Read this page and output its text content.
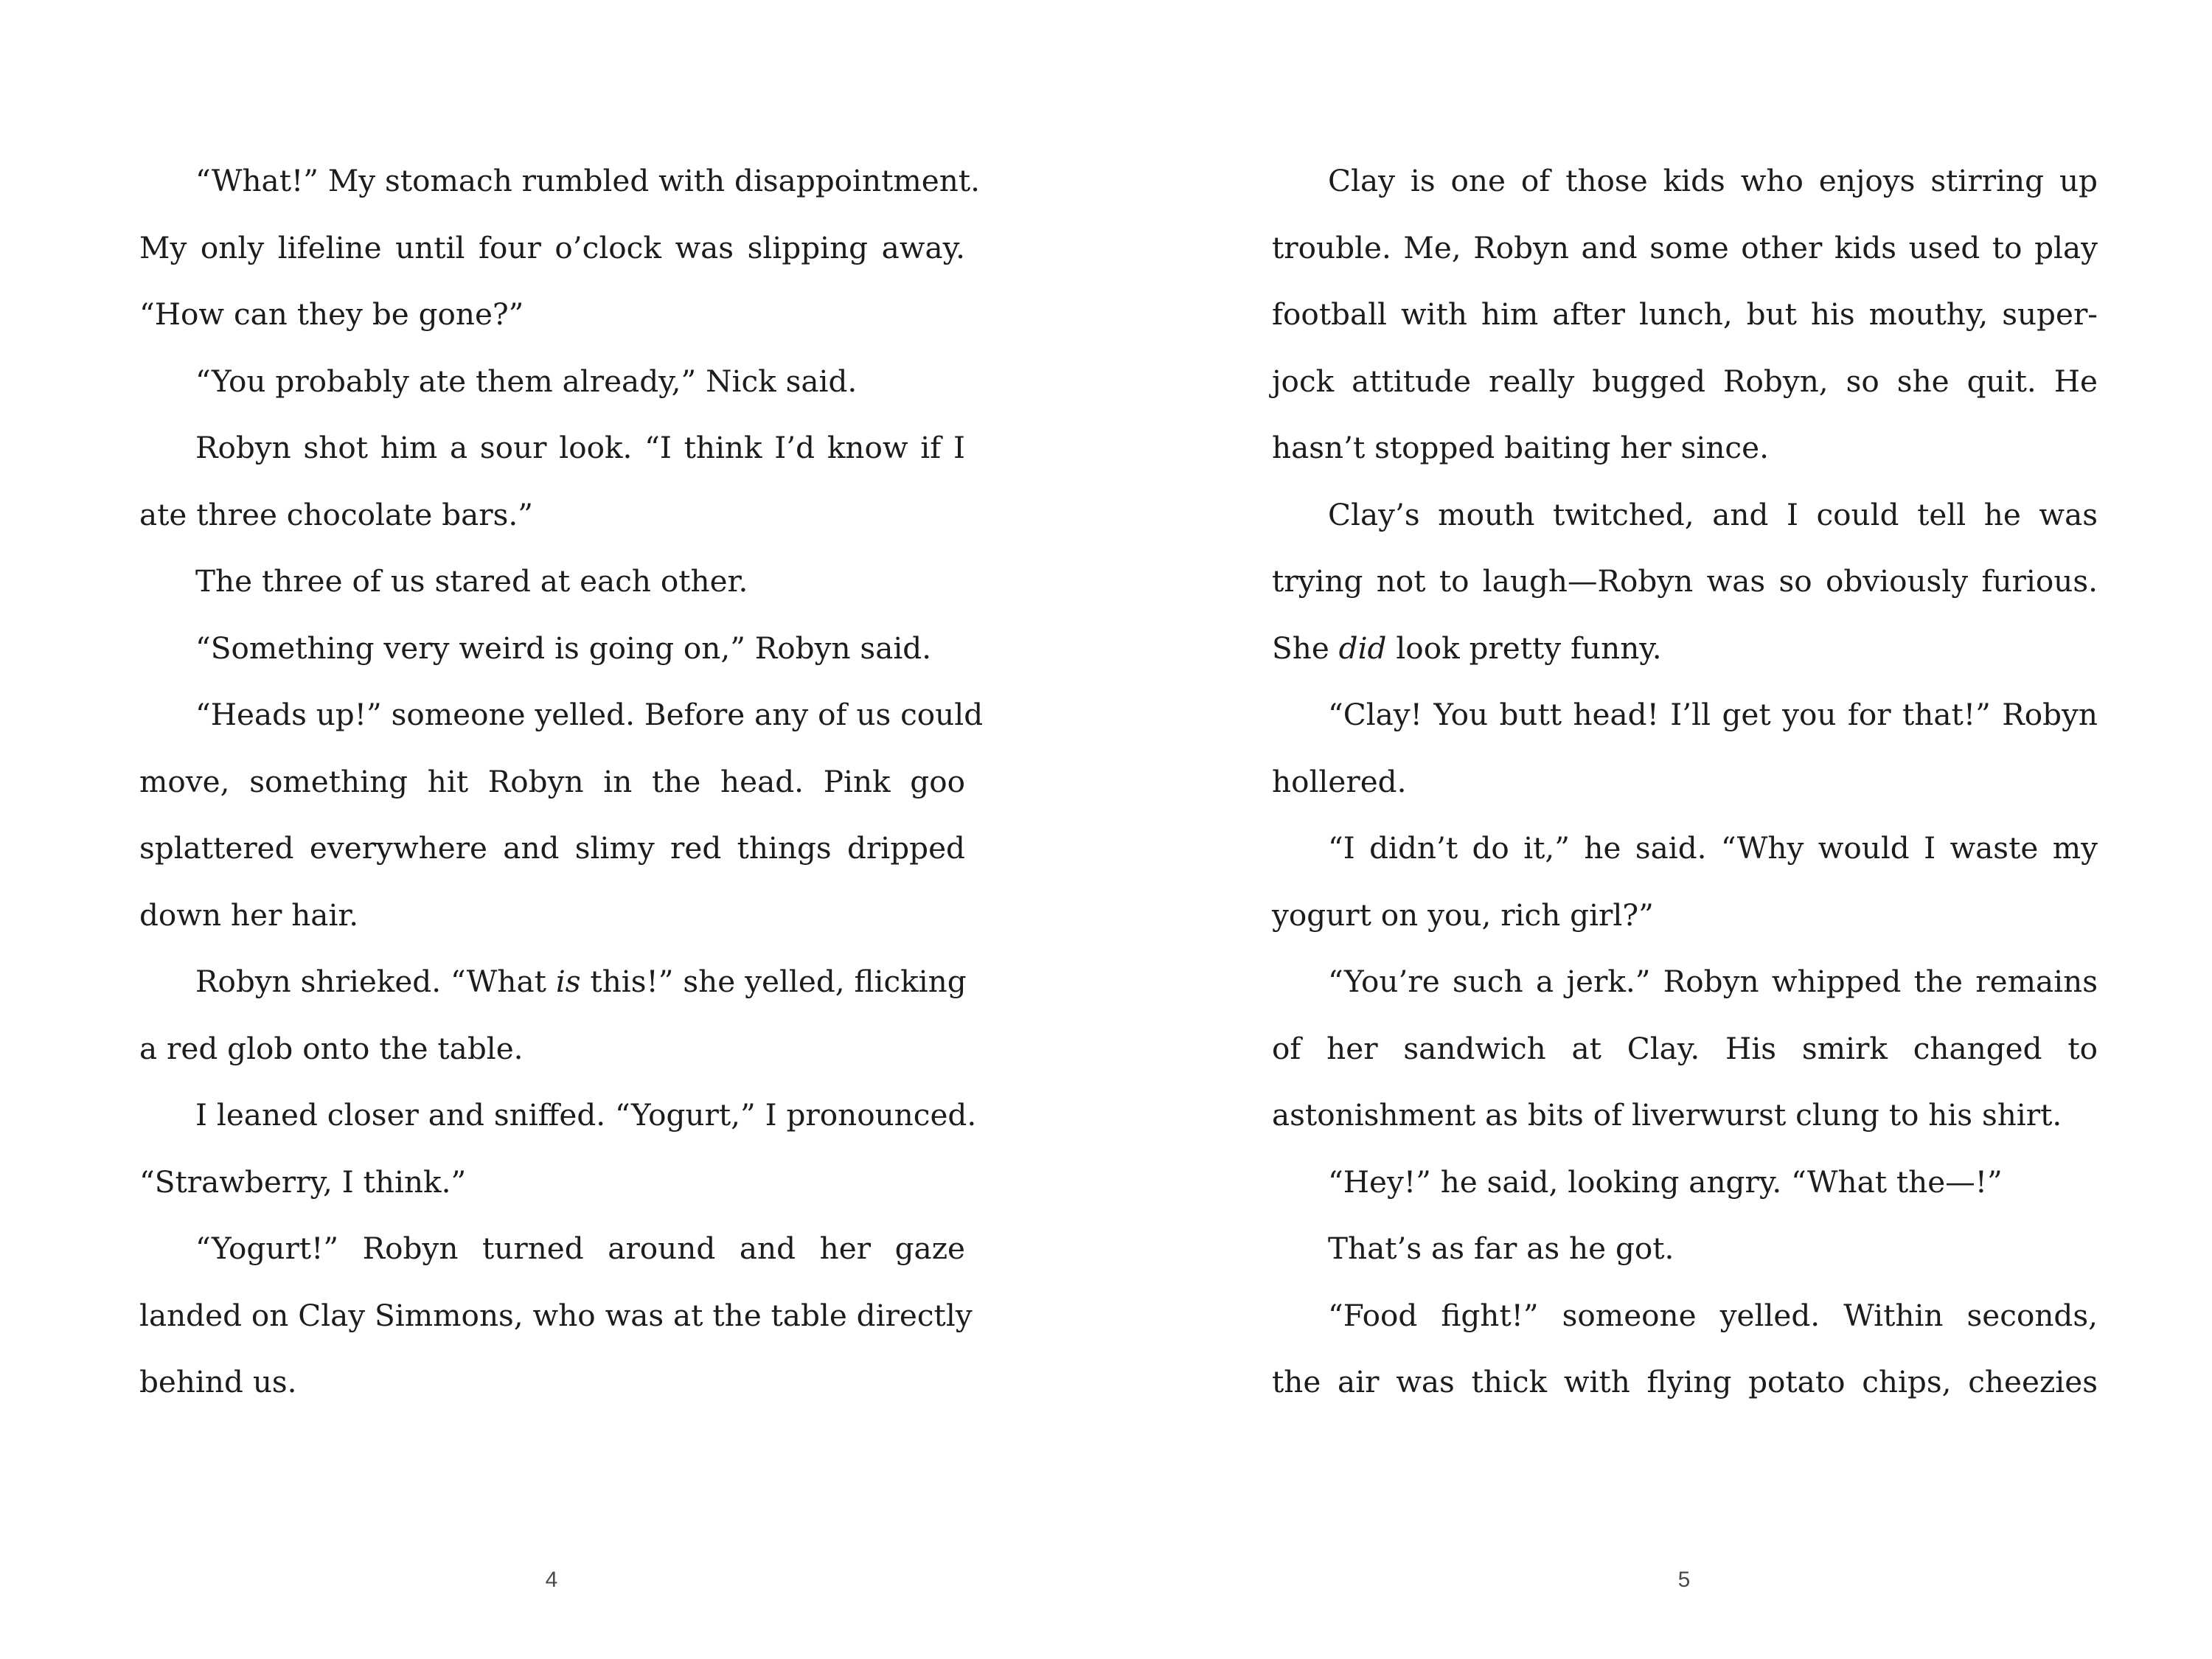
“What!” My stomach rumbled with disappointment.
My only lifeline until four o’clock was slipping away.
“How can they be gone?”
“You probably ate them already,” Nick said.
Robyn shot him a sour look. “I think I’d know if I
ate three chocolate bars.”
The three of us stared at each other.
“Something very weird is going on,” Robyn said.
“Heads up!” someone yelled. Before any of us could
move, something hit Robyn in the head. Pink goo
splattered everywhere and slimy red things dripped
down her hair.
Robyn shrieked. “What is this!” she yelled, flicking
a red glob onto the table.
I leaned closer and sniffed. “Yogurt,” I pronounced.
“Strawberry, I think.”
“Yogurt!” Robyn turned around and her gaze
landed on Clay Simmons, who was at the table directly
behind us.
Clay is one of those kids who enjoys stirring up
trouble. Me, Robyn and some other kids used to play
football with him after lunch, but his mouthy, super-
jock attitude really bugged Robyn, so she quit. He
hasn’t stopped baiting her since.
Clay’s mouth twitched, and I could tell he was
trying not to laugh—Robyn was so obviously furious.
She did look pretty funny.
“Clay! You butt head! I’ll get you for that!” Robyn
hollered.
“I didn’t do it,” he said. “Why would I waste my
yogurt on you, rich girl?”
“You’re such a jerk.” Robyn whipped the remains
of her sandwich at Clay. His smirk changed to
astonishment as bits of liverwurst clung to his shirt.
“Hey!” he said, looking angry. “What the—!”
That’s as far as he got.
“Food fight!” someone yelled. Within seconds,
the air was thick with flying potato chips, cheezies
4	5
